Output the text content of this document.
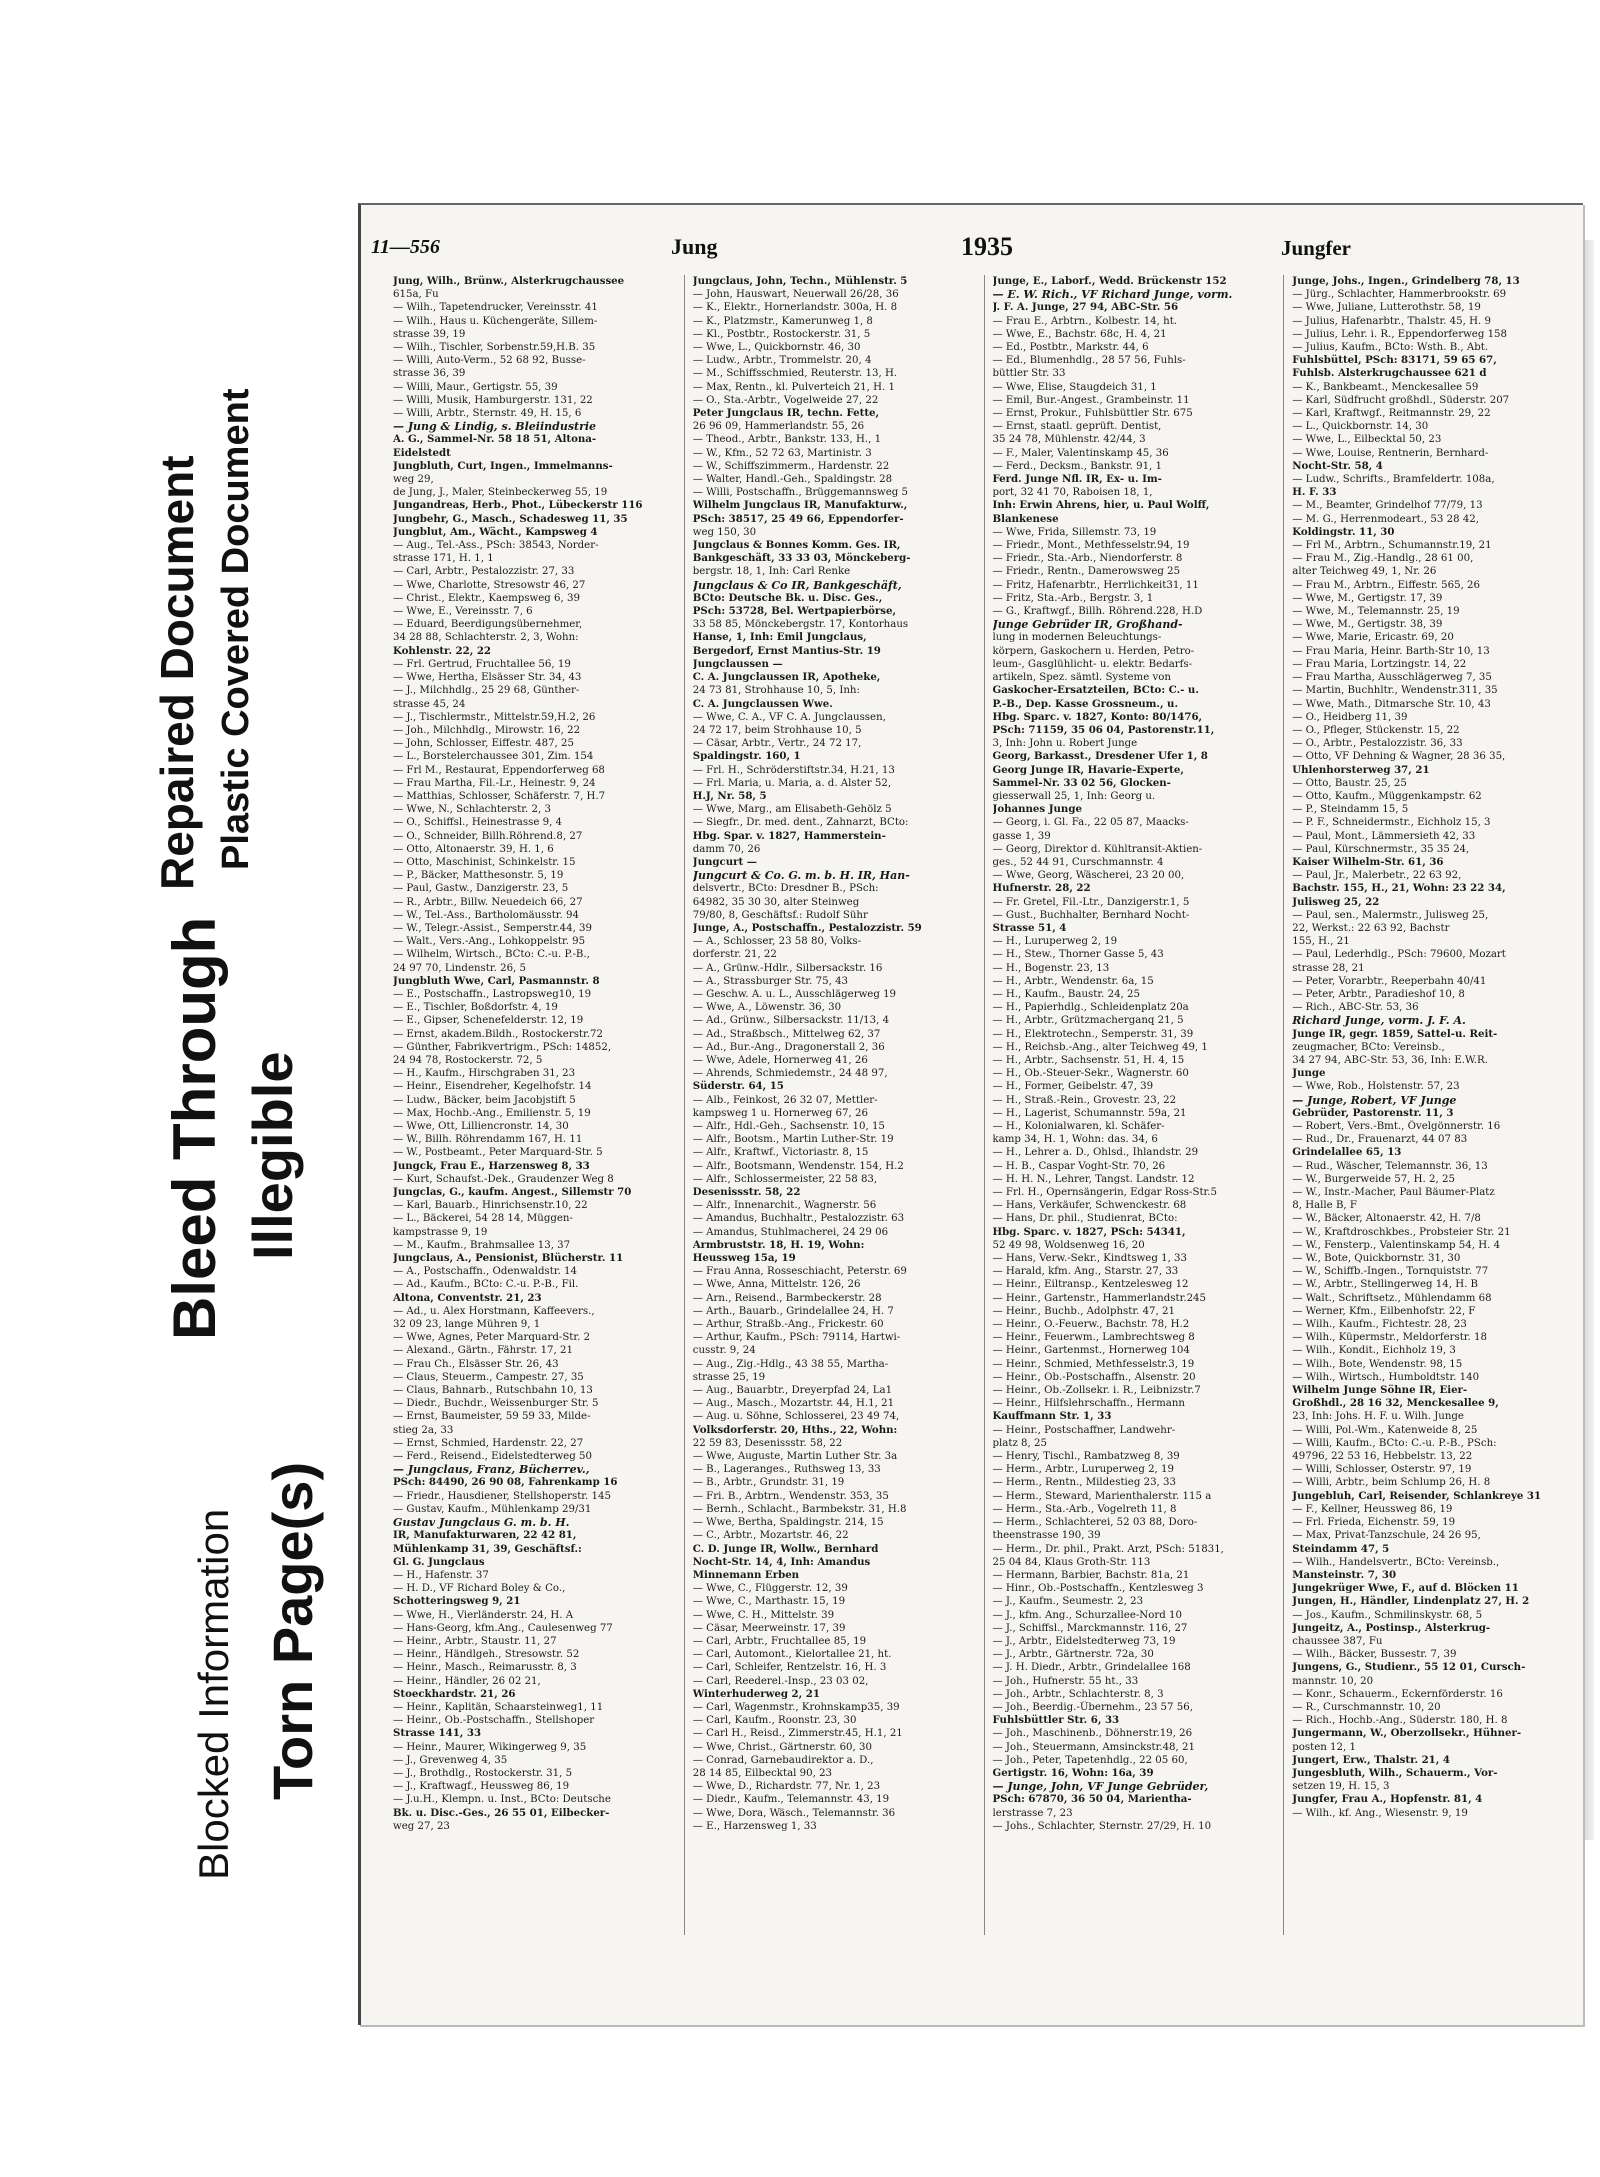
Blocked Information Torn Page(s)
Bleed Through Illegible
Repaired Document Plastic Covered Document
11—556	Jung	1935	Jungfer
Jung, Wilh., Brünw., Alsterkrugchaussee
615a, Fu
— Wilh., Tapetendrucker, Vereinsstr. 41
— Wilh., Haus u. Küchengeräte, Sillem-
strasse 39, 19
— Wilh., Tischler, Sorbenstr.59,H.B. 35
— Willi, Auto-Verm., 52 68 92, Busse-
strasse 36, 39
— Willi, Maur., Gertigstr. 55, 39
— Willi, Musik, Hamburgerstr. 131, 22
— Willi, Arbtr., Sternstr. 49, H. 15, 6
— Jung & Lindig, s. Bleiindustrie
A. G., Sammel-Nr. 58 18 51, Altona-
Eidelstedt
Jungbluth, Curt, Ingen., Immelmanns-
weg 29,
de Jung, J., Maler, Steinbeckerweg 55, 19
Jungandreas, Herb., Phot., Lübeckerstr 116
Jungbehr, G., Masch., Schadesweg 11, 35
Jungblut, Am., Wächt., Kampsweg 4
— Aug., Tel.-Ass., PSch: 38543, Norder-
strasse 171, H. 1, 1
— Carl, Arbtr., Pestalozzistr. 27, 33
— Wwe, Charlotte, Stresowstr 46, 27
— Christ., Elektr., Kaempsweg 6, 39
— Wwe, E., Vereinsstr. 7, 6
— Eduard, Beerdigungsübernehmer,
34 28 88, Schlachterstr. 2, 3, Wohn:
Kohlenstr. 22, 22
— Frl. Gertrud, Fruchtallee 56, 19
— Wwe, Hertha, Elsässer Str. 34, 43
— J., Milchhdlg., 25 29 68, Günther-
strasse 45, 24
— J., Tischlermstr., Mittelstr.59,H.2, 26
— Joh., Milchhdlg., Mirowstr. 16, 22
— John, Schlosser, Eiffestr. 487, 25
— L., Borstelerchaussee 301, Zim. 154
— Frl M., Restaurat, Eppendorferweg 68
— Frau Martha, Fil.-Lr., Heinestr. 9, 24
— Matthias, Schlosser, Schäferstr. 7, H.7
— Wwe, N., Schlachterstr. 2, 3
— O., Schiffsl., Heinestrasse 9, 4
— O., Schneider, Billh.Röhrend.8, 27
— Otto, Altonaerstr. 39, H. 1, 6
— Otto, Maschinist, Schinkelstr. 15
— P., Bäcker, Matthesonstr. 5, 19
— Paul, Gastw., Danzigerstr. 23, 5
— R., Arbtr., Billw. Neuedeich 66, 27
— W., Tel.-Ass., Bartholomäusstr. 94
— W., Telegr.-Assist., Semperstr.44, 39
— Walt., Vers.-Ang., Lohkoppelstr. 95
— Wilhelm, Wirtsch., BCto: C.-u. P.-B.,
24 97 70, Lindenstr. 26, 5
Jungbluth Wwe, Carl, Pasmannstr. 8
— E., Postschaffn., Lastropsweg10, 19
— E., Tischler, Boßdorfstr. 4, 19
— E., Gipser, Schenefelderstr. 12, 19
— Ernst, akadem.Bildh., Rostockerstr.72
— Günther, Fabrikvertrigm., PSch: 14852,
24 94 78, Rostockerstr. 72, 5
— H., Kaufm., Hirschgraben 31, 23
— Heinr., Eisendreher, Kegelhofstr. 14
— Ludw., Bäcker, beim Jacobjstift 5
— Max, Hochb.-Ang., Emilienstr. 5, 19
— Wwe, Ott, Lilliencronstr. 14, 30
— W., Billh. Röhrendamm 167, H. 11
— W., Postbeamt., Peter Marquard-Str. 5
Jungck, Frau E., Harzensweg 8, 33
— Kurt, Schaufst.-Dek., Graudenzer Weg 8
Jungclas, G., kaufm. Angest., Sillemstr 70
— Karl, Bauarb., Hinrichsenstr.10, 22
— L., Bäckerei, 54 28 14, Müggen-
kampstrasse 9, 19
— M., Kaufm., Brahmsallee 13, 37
Jungclaus, A., Pensionist, Blücherstr. 11
— A., Postschaffn., Odenwaldstr. 14
— Ad., Kaufm., BCto: C.-u. P.-B., Fil.
Altona, Conventstr. 21, 23
— Ad., u. Alex Horstmann, Kaffeevers.,
32 09 23, lange Mühren 9, 1
— Wwe, Agnes, Peter Marquard-Str. 2
— Alexand., Gärtn., Fährstr. 17, 21
— Frau Ch., Elsässer Str. 26, 43
— Claus, Steuerm., Campestr. 27, 35
— Claus, Bahnarb., Rutschbahn 10, 13
— Diedr., Buchdr., Weissenburger Str. 5
— Ernst, Baumeister, 59 59 33, Milde-
stieg 2a, 33
— Ernst, Schmied, Hardenstr. 22, 27
— Ferd., Reisend., Eidelstedterweg 50
— Jungclaus, Franz, Bücherrev.,
PSch: 84490, 26 90 08, Fahrenkamp 16
— Friedr., Hausdiener, Stellshoperstr. 145
— Gustav, Kaufm., Mühlenkamp 29/31
Gustav Jungclaus G. m. b. H.
IR, Manufakturwaren, 22 42 81,
Mühlenkamp 31, 39, Geschäftsf.:
Gl. G. Jungclaus
— H., Hafenstr. 37
— H. D., VF Richard Boley & Co.,
Schotteringsweg 9, 21
— Wwe, H., Vierländerstr. 24, H. A
— Hans-Georg, kfm.Ang., Caulesenweg 77
— Heinr., Arbtr., Staustr. 11, 27
— Heinr., Händlgeh., Stresowstr. 52
— Heinr., Masch., Reimarusstr. 8, 3
— Heinr., Händler, 26 02 21,
Stoeckhardstr. 21, 26
— Heinr., Kaplitän, Schaarsteinweg1, 11
— Heinr., Ob.-Postschaffn., Stellshoper
Strasse 141, 33
— Heinr., Maurer, Wikingerweg 9, 35
— J., Grevenweg 4, 35
— J., Brothdlg., Rostockerstr. 31, 5
— J., Kraftwagf., Heussweg 86, 19
— J.u.H., Klempn. u. Inst., BCto: Deutsche
Bk. u. Disc.-Ges., 26 55 01, Eilbecker-
weg 27, 23
Jungclaus, John, Techn., Mühlenstr. 5
— John, Hauswart, Neuerwall 26/28, 36
— K., Elektr., Hornerlandstr. 300a, H. 8
— K., Platzmstr., Kamerunweg 1, 8
— Kl., Postbtr., Rostockerstr. 31, 5
— Wwe, L., Quickbornstr. 46, 30
— Ludw., Arbtr., Trommelstr. 20, 4
— M., Schiffsschmied, Reuterstr. 13, H.
— Max, Rentn., kl. Pulverteich 21, H. 1
— O., Sta.-Arbtr., Vogelweide 27, 22
Peter Jungclaus IR, techn. Fette,
26 96 09, Hammerlandstr. 55, 26
— Theod., Arbtr., Bankstr. 133, H., 1
— W., Kfm., 52 72 63, Martinistr. 3
— W., Schiffszimmerm., Hardenstr. 22
— Walter, Handl.-Geh., Spaldingstr. 28
— Willi, Postschaffn., Brüggemannsweg 5
Wilhelm Jungclaus IR, Manufakturw.,
PSch: 38517, 25 49 66, Eppendorfer-
weg 150, 30
Jungclaus & Bonnes Komm. Ges. IR,
Bankgeschäft, 33 33 03, Mönckeberg-
bergstr. 18, 1, Inh: Carl Renke
Jungclaus & Co IR, Bankgeschäft,
BCto: Deutsche Bk. u. Disc. Ges.,
PSch: 53728, Bel. Wertpapierbörse,
33 58 85, Mönckebergstr. 17, Kontorhaus
Hanse, 1, Inh: Emil Jungclaus,
Bergedorf, Ernst Mantius-Str. 19
Jungclaussen —
C. A. Jungclaussen IR, Apotheke,
24 73 81, Strohhause 10, 5, Inh:
C. A. Jungclaussen Wwe.
— Wwe, C. A., VF C. A. Jungclaussen,
24 72 17, beim Strohhause 10, 5
— Cäsar, Arbtr., Vertr., 24 72 17,
Spaldingstr. 160, 1
— Frl. H., Schröderstiftstr.34, H.21, 13
— Frl. Maria, u. Maria, a. d. Alster 52,
H.J, Nr. 58, 5
— Wwe, Marg., am Elisabeth-Gehölz 5
— Siegfr., Dr. med. dent., Zahnarzt, BCto:
Hbg. Spar. v. 1827, Hammerstein-
damm 70, 26
Jungcurt —
Jungcurt & Co. G. m. b. H. IR, Han-
delsvertr., BCto: Dresdner B., PSch:
64982, 35 30 30, alter Steinweg
79/80, 8, Geschäftsf.: Rudolf Sühr
Junge, A., Postschaffn., Pestalozzistr. 59
— A., Schlosser, 23 58 80, Volks-
dorferstr. 21, 22
— A., Grünw.-Hdlr., Silbersackstr. 16
— A., Strassburger Str. 75, 43
— Geschw. A. u. L., Ausschlägerweg 19
— Wwe, A., Löwenstr. 36, 30
— Ad., Grünw., Silbersackstr. 11/13, 4
— Ad., Straßbsch., Mittelweg 62, 37
— Ad., Bur.-Ang., Dragonerstall 2, 36
— Wwe, Adele, Hornerweg 41, 26
— Ahrends, Schmiedemstr., 24 48 97,
Süderstr. 64, 15
— Alb., Feinkost, 26 32 07, Mettler-
kampsweg 1 u. Hornerweg 67, 26
— Alfr., Hdl.-Geh., Sachsenstr. 10, 15
— Alfr., Bootsm., Martin Luther-Str. 19
— Alfr., Kraftwf., Victoriastr. 8, 15
— Alfr., Bootsmann, Wendenstr. 154, H.2
— Alfr., Schlossermeister, 22 58 83,
Desenissstr. 58, 22
— Alfr., Innenarchit., Wagnerstr. 56
— Amandus, Buchhaltr., Pestalozzistr. 63
— Amandus, Stuhlmacherei, 24 29 06
Armbruststr. 18, H. 19, Wohn:
Heussweg 15a, 19
— Frau Anna, Rosseschiacht, Peterstr. 69
— Wwe, Anna, Mittelstr. 126, 26
— Arn., Reisend., Barmbeckerstr. 28
— Arth., Bauarb., Grindelallee 24, H. 7
— Arthur, Straßb.-Ang., Frickestr. 60
— Arthur, Kaufm., PSch: 79114, Hartwi-
cusstr. 9, 24
— Aug., Zig.-Hdlg., 43 38 55, Martha-
strasse 25, 19
— Aug., Bauarbtr., Dreyerpfad 24, La1
— Aug., Masch., Mozartstr. 44, H.1, 21
— Aug. u. Söhne, Schlosserei, 23 49 74,
Volksdorferstr. 20, Hths., 22, Wohn:
22 59 83, Desenissstr. 58, 22
— Wwe, Auguste, Martin Luther Str. 3a
— B., Lageranges., Ruthsweg 13, 33
— B., Arbtr., Grundstr. 31, 19
— Fri. B., Arbtrn., Wendenstr. 353, 35
— Bernh., Schlacht., Barmbekstr. 31, H.8
— Wwe, Bertha, Spaldingstr. 214, 15
— C., Arbtr., Mozartstr. 46, 22
C. D. Junge IR, Wollw., Bernhard
Nocht-Str. 14, 4, Inh: Amandus
Minnemann Erben
— Wwe, C., Flüggerstr. 12, 39
— Wwe, C., Marthastr. 15, 19
— Wwe, C. H., Mittelstr. 39
— Cäsar, Meerweinstr. 17, 39
— Carl, Arbtr., Fruchtallee 85, 19
— Carl, Automont., Kielortallee 21, ht.
— Carl, Schleifer, Rentzelstr. 16, H. 3
— Carl, Reederel.-Insp., 23 03 02,
Winterhuderweg 2, 21
— Carl, Wagenmstr., Krohnskamp35, 39
— Carl, Kaufm., Roonstr. 23, 30
— Carl H., Reisd., Zimmerstr.45, H.1, 21
— Wwe, Christ., Gärtnerstr. 60, 30
— Conrad, Garnebaudirektor a. D.,
28 14 85, Eilbecktal 90, 23
— Wwe, D., Richardstr. 77, Nr. 1, 23
— Diedr., Kaufm., Telemannstr. 43, 19
— Wwe, Dora, Wäsch., Telemannstr. 36
— E., Harzensweg 1, 33
Junge, E., Laborf., Wedd. Brückenstr 152
— E. W. Rich., VF Richard Junge, vorm.
J. F. A. Junge, 27 94, ABC-Str. 56
— Frau E., Arbtrn., Kolbestr. 14, ht.
— Wwe, E., Bachstr. 68c, H. 4, 21
— Ed., Postbtr., Markstr. 44, 6
— Ed., Blumenhdlg., 28 57 56, Fuhls-
büttler Str. 33
— Wwe, Elise, Staugdeich 31, 1
— Emil, Bur.-Angest., Grambeinstr. 11
— Ernst, Prokur., Fuhlsbüttler Str. 675
— Ernst, staatl. geprüft. Dentist,
35 24 78, Mühlenstr. 42/44, 3
— F., Maler, Valentinskamp 45, 36
— Ferd., Decksm., Bankstr. 91, 1
Ferd. Junge Nfl. IR, Ex- u. Im-
port, 32 41 70, Raboisen 18, 1,
Inh: Erwin Ahrens, hier, u. Paul Wolff,
Blankenese
— Wwe, Frida, Sillemstr. 73, 19
— Friedr., Mont., Methfesselstr.94, 19
— Friedr., Sta.-Arb., Niendorferstr. 8
— Friedr., Rentn., Damerowsweg 25
— Fritz, Hafenarbtr., Herrlichkeit31, 11
— Fritz, Sta.-Arb., Bergstr. 3, 1
— G., Kraftwgf., Billh. Röhrend.228, H.D
Junge Gebrüder IR, Großhand-
lung in modernen Beleuchtungs-
körpern, Gaskochern u. Herden, Petro-
leum-, Gasglühlicht- u. elektr. Bedarfs-
artikeln, Spez. sämtl. Systeme von
Gaskocher-Ersatzteilen, BCto: C.- u.
P.-B., Dep. Kasse Grossneum., u.
Hbg. Sparc. v. 1827, Konto: 80/1476,
PSch: 71159, 35 06 04, Pastorenstr.11,
3, Inh: John u. Robert Junge
Georg, Barkasst., Dresdener Ufer 1, 8
Georg Junge IR, Havarie-Experte,
Sammel-Nr. 33 02 56, Glocken-
giesserwall 25, 1, Inh: Georg u.
Johannes Junge
— Georg, i. Gl. Fa., 22 05 87, Maacks-
gasse 1, 39
— Georg, Direktor d. Kühltransit-Aktien-
ges., 52 44 91, Curschmannstr. 4
— Wwe, Georg, Wäscherei, 23 20 00,
Hufnerstr. 28, 22
— Fr. Gretel, Fil.-Ltr., Danzigerstr.1, 5
— Gust., Buchhalter, Bernhard Nocht-
Strasse 51, 4
— H., Luruperweg 2, 19
— H., Stew., Thorner Gasse 5, 43
— H., Bogenstr. 23, 13
— H., Arbtr., Wendenstr. 6a, 15
— H., Kaufm., Baustr. 24, 25
— H., Papierhdlg., Schleidenplatz 20a
— H., Arbtr., Grützmacherganq 21, 5
— H., Elektrotechn., Semperstr. 31, 39
— H., Reichsb.-Ang., alter Teichweg 49, 1
— H., Arbtr., Sachsenstr. 51, H. 4, 15
— H., Ob.-Steuer-Sekr., Wagnerstr. 60
— H., Former, Geibelstr. 47, 39
— H., Straß.-Rein., Grovestr. 23, 22
— H., Lagerist, Schumannstr. 59a, 21
— H., Kolonialwaren, kl. Schäfer-
kamp 34, H. 1, Wohn: das. 34, 6
— H., Lehrer a. D., Ohlsd., Ihlandstr. 29
— H. B., Caspar Voght-Str. 70, 26
— H. H. N., Lehrer, Tangst. Landstr. 12
— Frl. H., Opernsängerin, Edgar Ross-Str.5
— Hans, Verkäufer, Schwenckestr. 68
— Hans, Dr. phil., Studienrat, BCto:
Hbg. Sparc. v. 1827, PSch: 54341,
52 49 98, Woldsenweg 16, 20
— Hans, Verw.-Sekr., Kindtsweg 1, 33
— Harald, kfm. Ang., Starstr. 27, 33
— Heinr., Eiltransp., Kentzelesweg 12
— Heinr., Gartenstr., Hammerlandstr.245
— Heinr., Buchb., Adolphstr. 47, 21
— Heinr., O.-Feuerw., Bachstr. 78, H.2
— Heinr., Feuerwm., Lambrechtsweg 8
— Heinr., Gartenmst., Hornerweg 104
— Heinr., Schmied, Methfesselstr.3, 19
— Heinr., Ob.-Postschaffn., Alsenstr. 20
— Heinr., Ob.-Zollsekr. i. R., Leibnizstr.7
— Heinr., Hilfslehrschaffn., Hermann
Kauffmann Str. 1, 33
— Heinr., Postschaffner, Landwehr-
platz 8, 25
— Henry, Tischl., Rambatzweg 8, 39
— Herm., Arbtr., Luruperweg 2, 19
— Herm., Rentn., Mildestieg 23, 33
— Herm., Steward, Marienthalerstr. 115 a
— Herm., Sta.-Arb., Vogelreth 11, 8
— Herm., Schlachterei, 52 03 88, Doro-
theenstrasse 190, 39
— Herm., Dr. phil., Prakt. Arzt, PSch: 51831,
25 04 84, Klaus Groth-Str. 113
— Hermann, Barbier, Bachstr. 81a, 21
— Hinr., Ob.-Postschaffn., Kentzlesweg 3
— J., Kaufm., Seumestr. 2, 23
— J., kfm. Ang., Schurzallee-Nord 10
— J., Schiffsl., Marckmannstr. 116, 27
— J., Arbtr., Eidelstedterweg 73, 19
— J., Arbtr., Gärtnerstr. 72a, 30
— J. H. Diedr., Arbtr., Grindelallee 168
— Joh., Hufnerstr. 55 ht., 33
— Joh., Arbtr., Schlachterstr. 8, 3
— Joh., Beerdig.-Übernehm., 23 57 56,
Fuhlsbüttler Str. 6, 33
— Joh., Maschinenb., Döhnerstr.19, 26
— Joh., Steuermann, Amsinckstr.48, 21
— Joh., Peter, Tapetenhdlg., 22 05 60,
Gertigstr. 16, Wohn: 16a, 39
— Junge, John, VF Junge Gebrüder,
PSch: 67870, 36 50 04, Marientha-
lerstrasse 7, 23
— Johs., Schlachter, Sternstr. 27/29, H. 10
Junge, Johs., Ingen., Grindelberg 78, 13
— Jürg., Schlachter, Hammerbrookstr. 69
— Wwe, Juliane, Lutterothstr. 58, 19
— Julius, Hafenarbtr., Thalstr. 45, H. 9
— Julius, Lehr. i. R., Eppendorferweg 158
— Julius, Kaufm., BCto: Wsth. B., Abt.
Fuhlsbüttel, PSch: 83171, 59 65 67,
Fuhlsb. Alsterkrugchaussee 621 d
— K., Bankbeamt., Menckesallee 59
— Karl, Südfrucht großhdl., Süderstr. 207
— Karl, Kraftwgf., Reitmannstr. 29, 22
— L., Quickbornstr. 14, 30
— Wwe, L., Eilbecktal 50, 23
— Wwe, Louise, Rentnerin, Bernhard-
Nocht-Str. 58, 4
— Ludw., Schrifts., Bramfeldertr. 108a,
H. F. 33
— M., Beamter, Grindelhof 77/79, 13
— M. G., Herrenmodeart., 53 28 42,
Koldingstr. 11, 30
— Frl M., Arbtrn., Schumannstr.19, 21
— Frau M., Zig.-Handlg., 28 61 00,
alter Teichweg 49, 1, Nr. 26
— Frau M., Arbtrn., Eiffestr. 565, 26
— Wwe, M., Gertigstr. 17, 39
— Wwe, M., Telemannstr. 25, 19
— Wwe, M., Gertigstr. 38, 39
— Wwe, Marie, Ericastr. 69, 20
— Frau Maria, Heinr. Barth-Str 10, 13
— Frau Maria, Lortzingstr. 14, 22
— Frau Martha, Ausschlägerweg 7, 35
— Martin, Buchhltr., Wendenstr.311, 35
— Wwe, Math., Ditmarsche Str. 10, 43
— O., Heidberg 11, 39
— O., Pfleger, Stückenstr. 15, 22
— O., Arbtr., Pestalozzistr. 36, 33
— Otto, VF Dehning & Wagner, 28 36 35,
Uhlenhorsterweg 37, 21
— Otto, Baustr. 25, 25
— Otto, Kaufm., Müggenkampstr. 62
— P., Steindamm 15, 5
— P. F., Schneidermstr., Eichholz 15, 3
— Paul, Mont., Lämmersieth 42, 33
— Paul, Kürschnermstr., 35 35 24,
Kaiser Wilhelm-Str. 61, 36
— Paul, Jr., Malerbetr., 22 63 92,
Bachstr. 155, H., 21, Wohn: 23 22 34,
Julisweg 25, 22
— Paul, sen., Malermstr., Julisweg 25,
22, Werkst.: 22 63 92, Bachstr
155, H., 21
— Paul, Lederhdlg., PSch: 79600, Mozart
strasse 28, 21
— Peter, Vorarbtr., Reeperbahn 40/41
— Peter, Arbtr., Paradieshof 10, 8
— Rich., ABC-Str. 53, 36
Richard Junge, vorm. J. F. A.
Junge IR, gegr. 1859, Sattel-u. Reit-
zeugmacher, BCto: Vereinsb.,
34 27 94, ABC-Str. 53, 36, Inh: E.W.R.
Junge
— Wwe, Rob., Holstenstr. 57, 23
— Junge, Robert, VF Junge
Gebrüder, Pastorenstr. 11, 3
— Robert, Vers.-Bmt., Övelgönnerstr. 16
— Rud., Dr., Frauenarzt, 44 07 83
Grindelallee 65, 13
— Rud., Wäscher, Telemannstr. 36, 13
— W., Burgerweide 57, H. 2, 25
— W., Instr.-Macher, Paul Bäumer-Platz
8, Halle B, F
— W., Bäcker, Altonaerstr. 42, H. 7/8
— W., Kraftdroschkbes., Probsteier Str. 21
— W., Fensterp., Valentinskamp 54, H. 4
— W., Bote, Quickbornstr. 31, 30
— W., Schiffb.-Ingen., Tornquiststr. 77
— W., Arbtr., Stellingerweg 14, H. B
— Walt., Schriftsetz., Mühlendamm 68
— Werner, Kfm., Eilbenhofstr. 22, F
— Wilh., Kaufm., Fichtestr. 28, 23
— Wilh., Küpermstr., Meldorferstr. 18
— Wilh., Kondit., Eichholz 19, 3
— Wilh., Bote, Wendenstr. 98, 15
— Wilh., Wirtsch., Humboldtstr. 140
Wilhelm Junge Söhne IR, Eier-
Großhdl., 28 16 32, Menckesallee 9,
23, Inh: Johs. H. F. u. Wilh. Junge
— Willi, Pol.-Wm., Katenweide 8, 25
— Willi, Kaufm., BCto: C.-u. P.-B., PSch:
49796, 22 53 16, Hebbelstr. 13, 22
— Willi, Schlosser, Osterstr. 97, 19
— Willi, Arbtr., beim Schlump 26, H. 8
Jungebluh, Carl, Reisender, Schlankreye 31
— F., Kellner, Heussweg 86, 19
— Frl. Frieda, Eichenstr. 59, 19
— Max, Privat-Tanzschule, 24 26 95,
Steindamm 47, 5
— Wilh., Handelsvertr., BCto: Vereinsb.,
Mansteinstr. 7, 30
Jungekrüger Wwe, F., auf d. Blöcken 11
Jungen, H., Händler, Lindenplatz 27, H. 2
— Jos., Kaufm., Schmilinskystr. 68, 5
Jungeitz, A., Postinsp., Alsterkrug-
chaussee 387, Fu
— Wilh., Bäcker, Bussestr. 7, 39
Jungens, G., Studienr., 55 12 01, Cursch-
mannstr. 10, 20
— Konr., Schauerm., Eckernförderstr. 16
— R., Curschmannstr. 10, 20
— Rich., Hochb.-Ang., Süderstr. 180, H. 8
Jungermann, W., Oberzollsekr., Hühner-
posten 12, 1
Jungert, Erw., Thalstr. 21, 4
Jungesbluth, Wilh., Schauerm., Vor-
setzen 19, H. 15, 3
Jungfer, Frau A., Hopfenstr. 81, 4
— Wilh., kf. Ang., Wiesenstr. 9, 19
